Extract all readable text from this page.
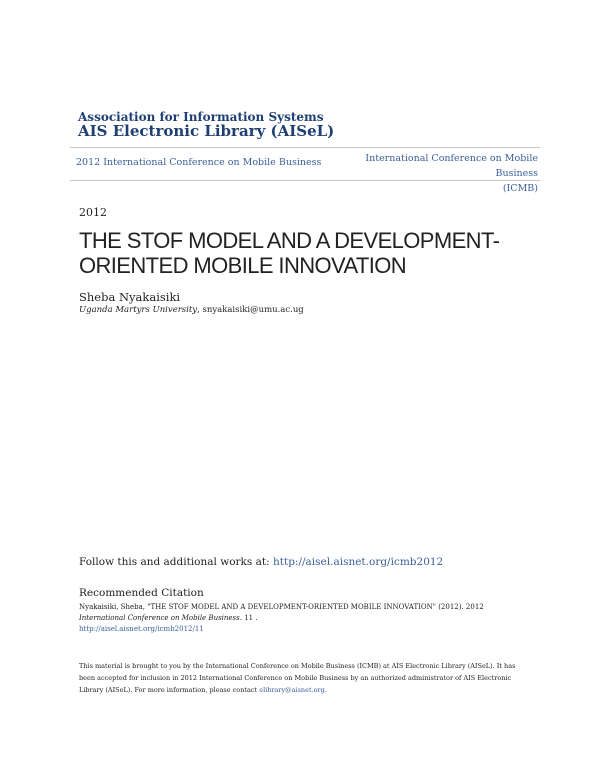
Association for Information Systems
AIS Electronic Library (AISeL)
2012 International Conference on Mobile Business	International Conference on Mobile Business
(ICMB)
2012
THE STOF MODEL AND A DEVELOPMENT-
ORIENTED MOBILE INNOVATION
Sheba Nyakaisiki
Uganda Martyrs University, snyakaisiki@umu.ac.ug
Follow this and additional works at: http://aisel.aisnet.org/icmb2012
Recommended Citation
Nyakaisiki, Sheba, "THE STOF MODEL AND A DEVELOPMENT-ORIENTED MOBILE INNOVATION" (2012). 2012
International Conference on Mobile Business. 11 .
http://aisel.aisnet.org/icmb2012/11
This material is brought to you by the International Conference on Mobile Business (ICMB) at AIS Electronic Library (AISeL). It has been accepted for inclusion in 2012 International Conference on Mobile Business by an authorized administrator of AIS Electronic Library (AISeL). For more information, please contact elibrary@aisnet.org.
